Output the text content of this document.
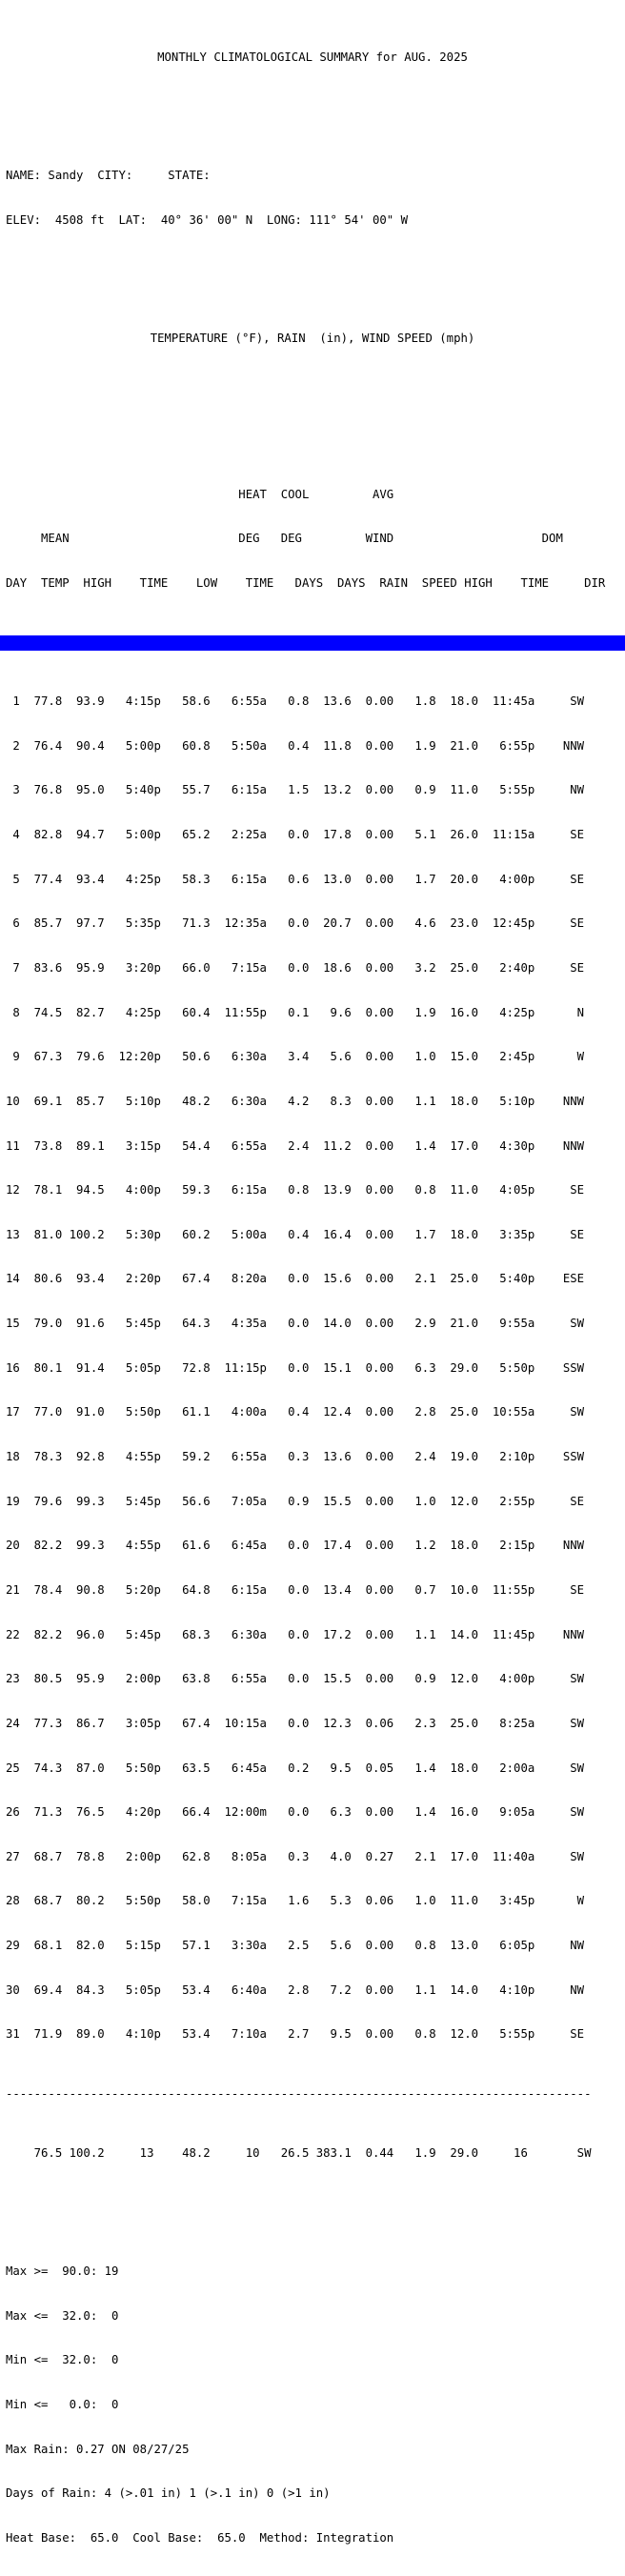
MONTHLY CLIMATOLOGICAL SUMMARY for AUG. 2025

NAME: Sandy  CITY:     STATE:

ELEV:  4508 ft  LAT:  40° 36' 00" N  LONG: 111° 54' 00" W

TEMPERATURE (°F), RAIN  (in), WIND SPEED (mph)

HEAT  COOL         AVG

MEAN                        DEG   DEG         WIND                     DOM

DAY  TEMP  HIGH    TIME    LOW    TIME   DAYS  DAYS  RAIN  SPEED HIGH    TIME     DIR

-----------------------------------------------------------------------------------

1  77.8  93.9   4:15p   58.6   6:55a   0.8  13.6  0.00   1.8  18.0  11:45a     SW

2  76.4  90.4   5:00p   60.8   5:50a   0.4  11.8  0.00   1.9  21.0   6:55p    NNW

3  76.8  95.0   5:40p   55.7   6:15a   1.5  13.2  0.00   0.9  11.0   5:55p     NW

4  82.8  94.7   5:00p   65.2   2:25a   0.0  17.8  0.00   5.1  26.0  11:15a     SE

5  77.4  93.4   4:25p   58.3   6:15a   0.6  13.0  0.00   1.7  20.0   4:00p     SE

6  85.7  97.7   5:35p   71.3  12:35a   0.0  20.7  0.00   4.6  23.0  12:45p     SE

7  83.6  95.9   3:20p   66.0   7:15a   0.0  18.6  0.00   3.2  25.0   2:40p     SE

8  74.5  82.7   4:25p   60.4  11:55p   0.1   9.6  0.00   1.9  16.0   4:25p      N

9  67.3  79.6  12:20p   50.6   6:30a   3.4   5.6  0.00   1.0  15.0   2:45p      W

10  69.1  85.7   5:10p   48.2   6:30a   4.2   8.3  0.00   1.1  18.0   5:10p    NNW

11  73.8  89.1   3:15p   54.4   6:55a   2.4  11.2  0.00   1.4  17.0   4:30p    NNW

12  78.1  94.5   4:00p   59.3   6:15a   0.8  13.9  0.00   0.8  11.0   4:05p     SE

13  81.0 100.2   5:30p   60.2   5:00a   0.4  16.4  0.00   1.7  18.0   3:35p     SE

14  80.6  93.4   2:20p   67.4   8:20a   0.0  15.6  0.00   2.1  25.0   5:40p    ESE

15  79.0  91.6   5:45p   64.3   4:35a   0.0  14.0  0.00   2.9  21.0   9:55a     SW

16  80.1  91.4   5:05p   72.8  11:15p   0.0  15.1  0.00   6.3  29.0   5:50p    SSW

17  77.0  91.0   5:50p   61.1   4:00a   0.4  12.4  0.00   2.8  25.0  10:55a     SW

18  78.3  92.8   4:55p   59.2   6:55a   0.3  13.6  0.00   2.4  19.0   2:10p    SSW

19  79.6  99.3   5:45p   56.6   7:05a   0.9  15.5  0.00   1.0  12.0   2:55p     SE

20  82.2  99.3   4:55p   61.6   6:45a   0.0  17.4  0.00   1.2  18.0   2:15p    NNW

21  78.4  90.8   5:20p   64.8   6:15a   0.0  13.4  0.00   0.7  10.0  11:55p     SE

22  82.2  96.0   5:45p   68.3   6:30a   0.0  17.2  0.00   1.1  14.0  11:45p    NNW

23  80.5  95.9   2:00p   63.8   6:55a   0.0  15.5  0.00   0.9  12.0   4:00p     SW

24  77.3  86.7   3:05p   67.4  10:15a   0.0  12.3  0.06   2.3  25.0   8:25a     SW

25  74.3  87.0   5:50p   63.5   6:45a   0.2   9.5  0.05   1.4  18.0   2:00a     SW

26  71.3  76.5   4:20p   66.4  12:00m   0.0   6.3  0.00   1.4  16.0   9:05a     SW

27  68.7  78.8   2:00p   62.8   8:05a   0.3   4.0  0.27   2.1  17.0  11:40a     SW

28  68.7  80.2   5:50p   58.0   7:15a   1.6   5.3  0.06   1.0  11.0   3:45p      W

29  68.1  82.0   5:15p   57.1   3:30a   2.5   5.6  0.00   0.8  13.0   6:05p     NW

30  69.4  84.3   5:05p   53.4   6:40a   2.8   7.2  0.00   1.1  14.0   4:10p     NW

31  71.9  89.0   4:10p   53.4   7:10a   2.7   9.5  0.00   0.8  12.0   5:55p     SE

-----------------------------------------------------------------------------------

76.5 100.2     13    48.2     10   26.5 383.1  0.44   1.9  29.0     16       SW

Max >=  90.0: 19

Max <=  32.0:  0

Min <=  32.0:  0

Min <=   0.0:  0

Max Rain: 0.27 ON 08/27/25

Days of Rain: 4 (>.01 in) 1 (>.1 in) 0 (>1 in)

Heat Base:  65.0  Cool Base:  65.0  Method: Integration
